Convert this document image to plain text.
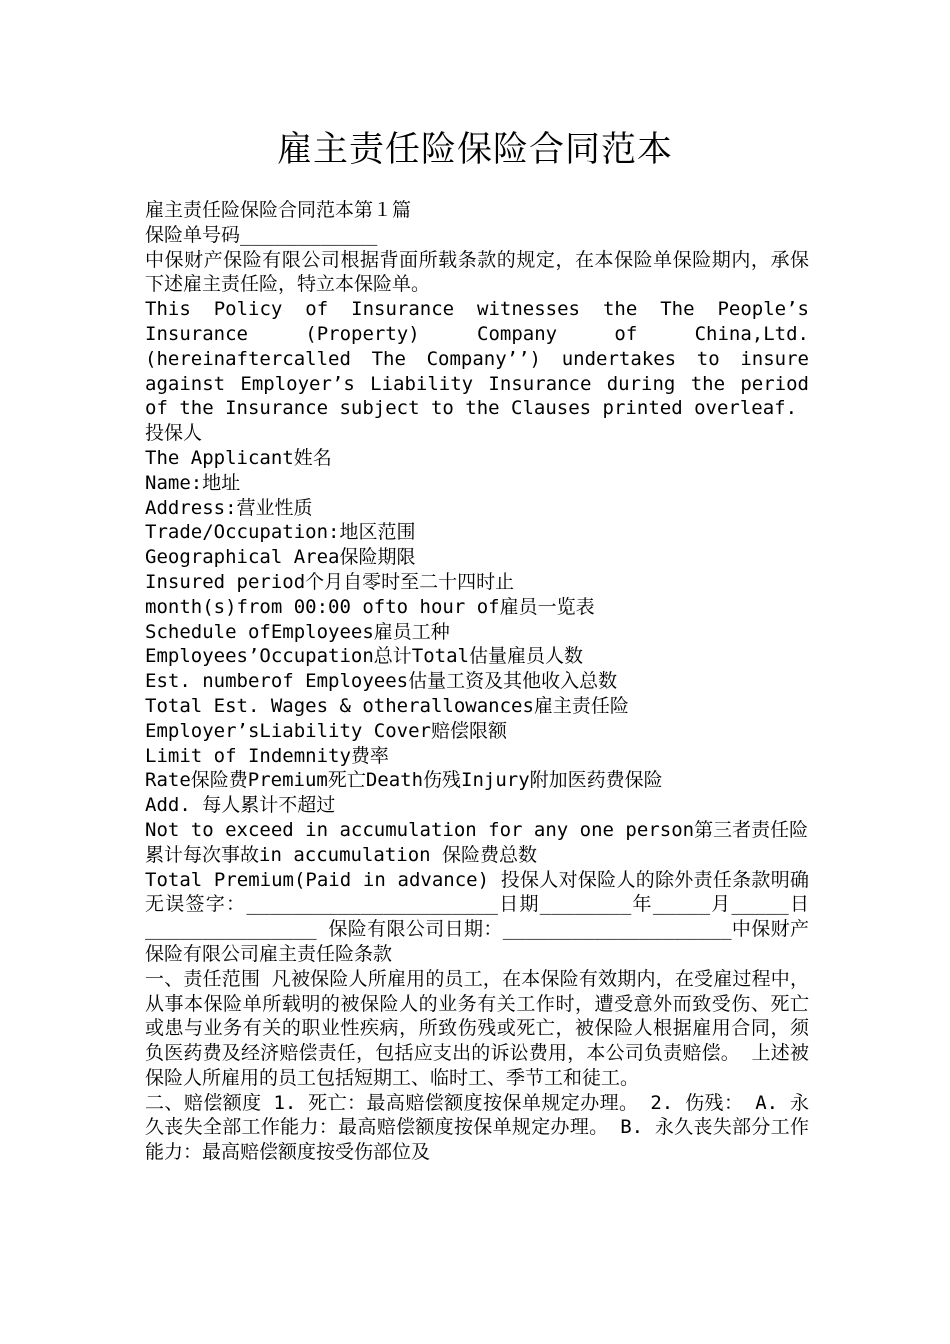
雇主责任险保险合同范本

雇主责任险保险合同范本第１篇

保险单号码____________

中保财产保险有限公司根据背面所载条款的规定，在本保险单保险期内，承保下述雇主责任险，特立本保险单。

This Policy of Insurance witnesses the The People’s Insurance (Property) Company of China,Ltd. (hereinaftercalled The Company’’) undertakes to insure against Employer’s Liability Insurance during the period of the Insurance subject to the Clauses printed overleaf.

投保人

The Applicant姓名

Name:地址

Address:营业性质

Trade/Occupation:地区范围

Geographical Area保险期限

Insured period个月自零时至二十四时止

month(s)from 00:00 ofto hour of雇员一览表

Schedule ofEmployees雇员工种

Employees’Occupation总计Total估量雇员人数

Est. numberof Employees估量工资及其他收入总数

Total Est. Wages & otherallowances雇主责任险

Employer’sLiability Cover赔偿限额

Limit of Indemnity费率

Rate保险费Premium死亡Death伤残Injury附加医药费保险

Add. 每人累计不超过

Not to exceed in accumulation for any one person第三者责任险

累计每次事故in accumulation 保险费总数

Total Premium(Paid in advance) 投保人对保险人的除外责任条款明确无误签字：______________________日期________年_____月_____日_______________ 保险有限公司日期：____________________中保财产保险有限公司雇主责任险条款

一、责任范围 凡被保险人所雇用的员工，在本保险有效期内，在受雇过程中，从事本保险单所载明的被保险人的业务有关工作时，遭受意外而致受伤、死亡或患与业务有关的职业性疾病，所致伤残或死亡，被保险人根据雇用合同，须负医药费及经济赔偿责任，包括应支出的诉讼费用，本公司负责赔偿。 上述被保险人所雇用的员工包括短期工、临时工、季节工和徒工。

二、赔偿额度 1. 死亡：最高赔偿额度按保单规定办理。 2. 伤残： A. 永久丧失全部工作能力：最高赔偿额度按保单规定办理。 B. 永久丧失部分工作能力：最高赔偿额度按受伤部位及
